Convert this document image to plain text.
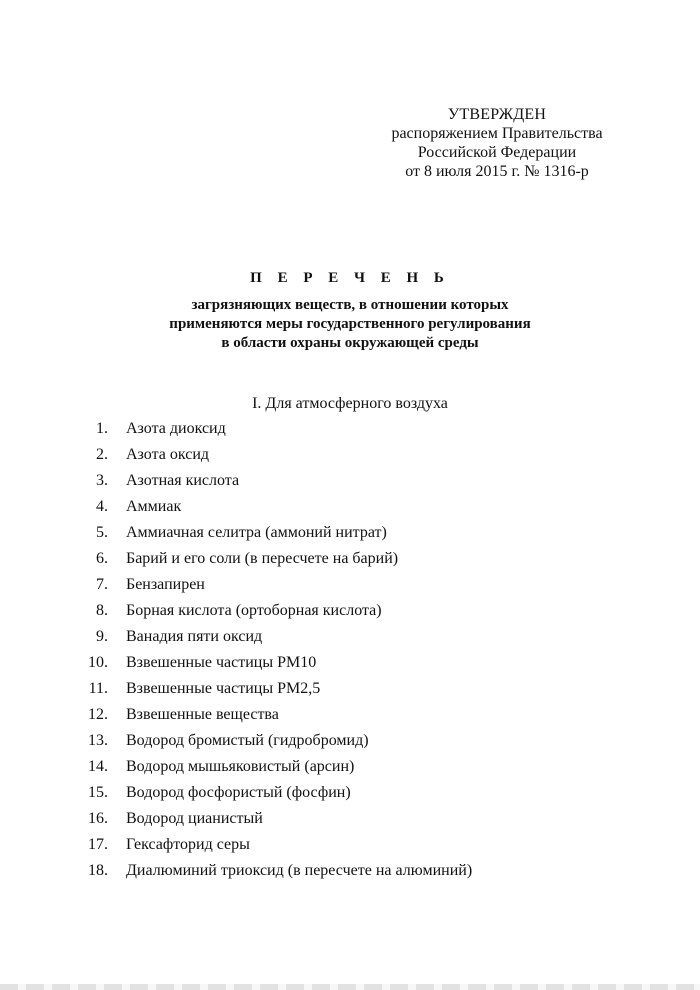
УТВЕРЖДЕН
распоряжением Правительства
Российской Федерации
от 8 июля 2015 г. № 1316-р
П Е Р Е Ч Е Н Ь
загрязняющих веществ, в отношении которых
применяются меры государственного регулирования
в области охраны окружающей среды
I. Для атмосферного воздуха
1. Азота диоксид
2. Азота оксид
3. Азотная кислота
4. Аммиак
5. Аммиачная селитра (аммоний нитрат)
6. Барий и его соли (в пересчете на барий)
7. Бензапирен
8. Борная кислота (ортоборная кислота)
9. Ванадия пяти оксид
10. Взвешенные частицы РМ10
11. Взвешенные частицы РМ2,5
12. Взвешенные вещества
13. Водород бромистый (гидробромид)
14. Водород мышьяковистый (арсин)
15. Водород фосфористый (фосфин)
16. Водород цианистый
17. Гексафторид серы
18. Диалюминий триоксид (в пересчете на алюминий)
